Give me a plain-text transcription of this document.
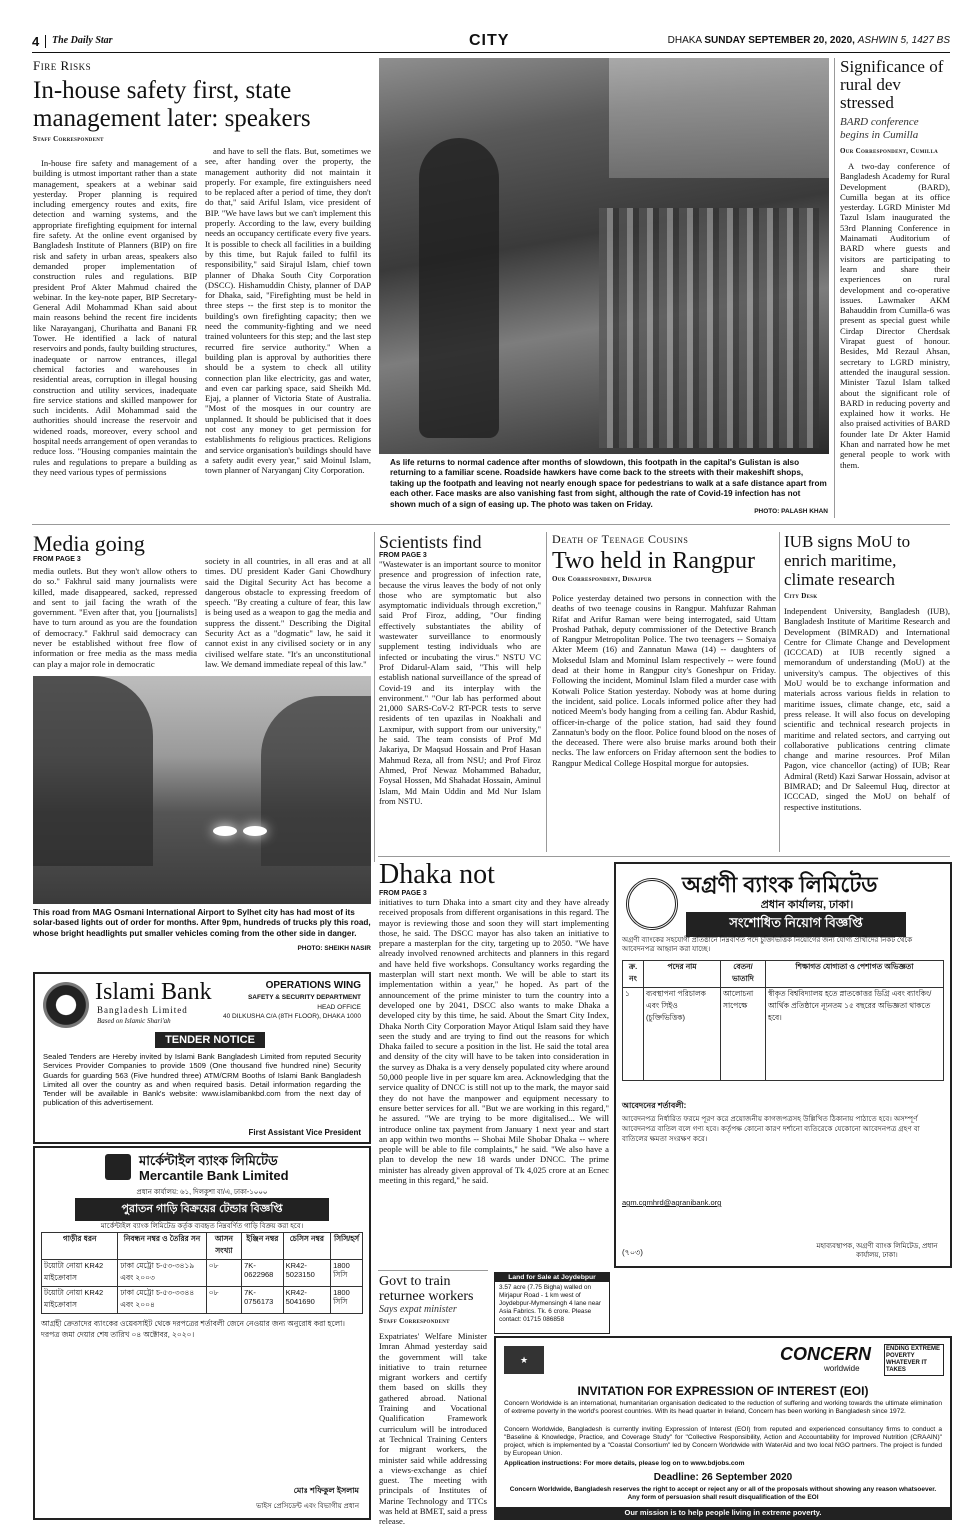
4 The Daily Star	CITY	DHAKA SUNDAY SEPTEMBER 20, 2020, ASHWIN 5, 1427 BS
Fire Risks
In-house safety first, state management later: speakers
Staff Correspondent
In-house fire safety and management of a building is utmost important rather than a state management, speakers at a webinar said yesterday. Proper planning is required including emergency routes and exits, fire detection and warning systems, and the appropriate firefighting equipment for internal fire safety. At the online event organised by Bangladesh Institute of Planners (BIP) on fire risk and safety in urban areas, speakers also demanded proper implementation of construction rules and regulations. BIP president Prof Akter Mahmud chaired the webinar. In the key-note paper, BIP Secretary-General Adil Mohammad Khan said about main reasons behind the recent fire incidents like Narayanganj, Churihatta and Banani FR Tower. He identified a lack of natural reservoirs and ponds, faulty building structures, inadequate or narrow entrances, illegal chemical factories and warehouses in residential areas, corruption in illegal housing construction and utility services, inadequate fire service stations and skilled manpower for such incidents. Adil Mohammad said the authorities should increase the reservoir and widened roads, moreover, every school and hospital needs arrangement of open verandas to reduce loss. "Housing companies maintain the rules and regulations to prepare a building as they need various types of permissions
and have to sell the flats. But, sometimes we see, after handing over the property, the management authority did not maintain it properly. For example, fire extinguishers need to be replaced after a period of time, they don't do that," said Ariful Islam, vice president of BIP. "We have laws but we can't implement this properly. According to the law, every building needs an occupancy certificate every five years. It is possible to check all facilities in a building by this time, but Rajuk failed to fulfil its responsibility," said Sirajul Islam, chief town planner of Dhaka South City Corporation (DSCC). Hishamuddin Chisty, planner of DAP for Dhaka, said, "Firefighting must be held in three steps -- the first step is to monitor the building's own firefighting capacity; then we need the community-fighting and we need trained volunteers for this step; and the last step recurred fire service authority." When a building plan is approval by authorities there should be a system to check all utility connection plan like electricity, gas and water, and even car parking space, said Sheikh Md. Ejaj, a planner of Victoria State of Australia. "Most of the mosques in our country are unplanned. It should be publicised that it does not cost any money to get permission for establishments fo religious practices. Religions and service organisation's buildings should have a safety audit every year," said Moinul Islam, town planner of Naryanganj City Corporation.
As life returns to normal cadence after months of slowdown, this footpath in the capital's Gulistan is also returning to a familiar scene. Roadside hawkers have come back to the streets with their makeshift shops, taking up the footpath and leaving not nearly enough space for pedestrians to walk at a safe distance apart from each other. Face masks are also vanishing fast from sight, although the rate of Covid-19 infection has not shown much of a sign of easing up. The photo was taken on Friday.
PHOTO: PALASH KHAN
Significance of rural dev stressed
BARD conference begins in Cumilla
Our Correspondent, Cumilla
A two-day conference of Bangladesh Academy for Rural Development (BARD), Cumilla began at its office yesterday. LGRD Minister Md Tazul Islam inaugurated the 53rd Planning Conference in Mainamati Auditorium of BARD where guests and visitors are participating to learn and share their experiences on rural development and co-operative issues. Lawmaker AKM Bahauddin from Cumilla-6 was present as special guest while Cirdap Director Cherdsak Virapat guest of honour. Besides, Md Rezaul Ahsan, secretary to LGRD ministry, attended the inaugural session. Minister Tazul Islam talked about the significant role of BARD in reducing poverty and explained how it works. He also praised activities of BARD founder late Dr Akter Hamid Khan and narrated how he met general people to work with them.
Media going
FROM PAGE 3
media outlets. But they won't allow others to do so." Fakhrul said many journalists were killed, made disappeared, sacked, repressed and sent to jail facing the wrath of the government. "Even after that, you [journalists] have to turn around as you are the foundation of democracy." Fakhrul said democracy can never be established without free flow of information or free media as the mass media can play a major role in democratic
society in all countries, in all eras and at all times. DU president Kader Gani Chowdhury said the Digital Security Act has become a dangerous obstacle to expressing freedom of speech. "By creating a culture of fear, this law is being used as a weapon to gag the media and suppress the dissent." Describing the Digital Security Act as a "dogmatic" law, he said it cannot exist in any civilised society or in any civilised welfare state. "It's an unconstitutional law. We demand immediate repeal of this law."
This road from MAG Osmani International Airport to Sylhet city has had most of its solar-based lights out of order for months. After 9pm, hundreds of trucks ply this road, whose bright headlights put smaller vehicles coming from the other side in danger.
PHOTO: SHEIKH NASIR
Scientists find
FROM PAGE 3
"Wastewater is an important source to monitor presence and progression of infection rate, because the virus leaves the body of not only those who are symptomatic but also asymptomatic individuals through excretion," said Prof Firoz, adding, "Our finding effectively substantiates the ability of wastewater surveillance to enormously supplement testing individuals who are infected or incubating the virus." NSTU VC Prof Didarul-Alam said, "This will help establish national surveillance of the spread of Covid-19 and its interplay with the environment." "Our lab has performed about 21,000 SARS-CoV-2 RT-PCR tests to serve residents of ten upazilas in Noakhali and Laxmipur, with support from our university," he said. The team consists of Prof Md Jakariya, Dr Maqsud Hossain and Prof Hasan Mahmud Reza, all from NSU; and Prof Firoz Ahmed, Prof Newaz Mohammed Bahadur, Foysal Hossen, Md Shahadat Hossain, Aminul Islam, Md Main Uddin and Md Nur Islam from NSTU.
Death of Teenage Cousins
Two held in Rangpur
Our Correspondent, Dinajpur
Police yesterday detained two persons in connection with the deaths of two teenage cousins in Rangpur. Mahfuzar Rahman Rifat and Arifur Raman were being interrogated, said Uttam Proshad Pathak, deputy commissioner of the Detective Branch of Rangpur Metropolitan Police. The two teenagers -- Somaiya Akter Meem (16) and Zannatun Mawa (14) -- daughters of Moksedul Islam and Mominul Islam respectively -- were found dead at their home in Rangpur city's Goneshpur on Friday. Following the incident, Mominul Islam filed a murder case with Kotwali Police Station yesterday. Nobody was at home during the incident, said police. Locals informed police after they had noticed Meem's body hanging from a ceiling fan. Abdur Rashid, officer-in-charge of the police station, had said they found Zannatun's body on the floor. Police found blood on the noses of the deceased. There were also bruise marks around both their necks. The law enforcers on Friday afternoon sent the bodies to Rangpur Medical College Hospital morgue for autopsies.
IUB signs MoU to enrich maritime, climate research
City Desk
Independent University, Bangladesh (IUB), Bangladesh Institute of Maritime Research and Development (BIMRAD) and International Centre for Climate Change and Development (ICCCAD) at IUB recently signed a memorandum of understanding (MoU) at the university's campus. The objectives of this MoU would be to exchange information and materials across various fields in relation to maritime issues, climate change, etc, said a press release. It will also focus on developing scientific and technical research projects in maritime and related sectors, and carrying out collaborative publications centring climate change and marine resources. Prof Milan Pagon, vice chancellor (acting) of IUB; Rear Admiral (Retd) Kazi Sarwar Hossain, advisor at BIMRAD; and Dr Saleemul Huq, director at ICCCAD, singed the MoU on behalf of respective institutions.
Dhaka not
FROM PAGE 3
initiatives to turn Dhaka into a smart city and they have already received proposals from different organisations in this regard. The mayor is reviewing those and soon they will start implementing those, he said. The DSCC mayor has also taken an initiative to prepare a masterplan for the city, targeting up to 2050. "We have already involved renowned architects and planners in this regard and have held five workshops. Consultancy works regarding the masterplan will start next month. We will be able to start its implementation within a year," he hoped. As part of the announcement of the prime minister to turn the country into a developed one by 2041, DSCC also wants to make Dhaka a developed city by this time, he said. About the Smart City Index, Dhaka North City Corporation Mayor Atiqul Islam said they have seen the study and are trying to find out the reasons for which Dhaka failed to secure a position in the list. He said the total area and density of the city will have to be taken into consideration in the survey as Dhaka is a very densely populated city where around 50,000 people live in per square km area. Acknowledging that the service quality of DNCC is still not up to the mark, the mayor said they do not have the manpower and equipment necessary to ensure better services for all. "But we are working in this regard," he assured. "We are trying to be more digitalised... We will introduce online tax payment from January 1 next year and start an app within two months -- Shobai Mile Shobar Dhaka -- where people will be able to file complaints," he said. "We also have a plan to develop the new 18 wards under DNCC. The prime minister has already given approval of Tk 4,025 crore at an Ecnec meeting in this regard," he said.
Islami Bank
Bangladesh Limited
Based on Islamic Shari'ah
OPERATIONS WING
SAFETY & SECURITY DEPARTMENT
HEAD OFFICE
40 DILKUSHA C/A (8TH FLOOR), DHAKA 1000
TENDER NOTICE
Sealed Tenders are Hereby invited by Islami Bank Bangladesh Limited from reputed Security Services Provider Companies to provide 1509 (One thousand five hundred nine) Security Guards for guarding 563 (Five hundred three) ATM/CRM Booths of Islami Bank Bangladesh Limited all over the country as and when required basis. Detail information regarding the Tender will be available in Bank's website: www.islamibankbd.com from the next day of publication of this advertisement.
First Assistant Vice President
মার্কেন্টাইল ব্যাংক লিমিটেড
Mercantile Bank Limited
প্রধান কার্যালয়: ৬১, দিলকুশা বা/এ, ঢাকা-১০০০
পুরাতন গাড়ি বিক্রয়ের টেন্ডার বিজ্ঞপ্তি
মার্কেন্টাইল ব্যাংক লিমিটেড কর্তৃক ব্যবহৃত নিম্নবর্ণিত গাড়ি বিক্রয় করা হবে।
গাড়ীর ধরন	নিবন্ধন নম্বর ও তৈরির সন	আসন সংখ্যা	ইঞ্জিন নম্বর	চেসিস নম্বর	সিসি/হর্স
টয়োটা নোয়া KR42 মাইক্রোবাস	ঢাকা মেট্রো চ-৫৩-৩৪১৯ এবং ২০০৩	০৮	7K-0622968	KR42-5023150	1800 সিসি
টয়োটা নোয়া KR42 মাইক্রোবাস	ঢাকা মেট্রো চ-৫৩-৩৩৪৪ এবং ২০০৪	০৮	7K-0756173	KR42-5041690	1800 সিসি
আগ্রহী ক্রেতাদের ব্যাংকের ওয়েবসাইট থেকে দরপত্রের শর্তাবলী জেনে নেওয়ার জন্য অনুরোধ করা হলো। দরপত্র জমা দেয়ার শেষ তারিখ ০৪ অক্টোবর, ২০২০।
মোঃ শফিকুল ইসলাম
ভাইস প্রেসিডেন্ট এবং বিভাগীয় প্রধান
অগ্রণী ব্যাংক লিমিটেড
প্রধান কার্যালয়, ঢাকা।
সংশোধিত নিয়োগ বিজ্ঞপ্তি
অগ্রণী ব্যাংকের সহযোগী প্রতিষ্ঠানে নিম্নবর্ণিত পদে চুক্তিভিত্তিক নিয়োগের জন্য যোগ্য প্রার্থীদের নিকট থেকে আবেদনপত্র আহ্বান করা যাচ্ছে।
ক্র. নং	পদের নাম	বেতন/ভাতাদি	শিক্ষাগত যোগ্যতা ও পেশাগত অভিজ্ঞতা
১	ব্যবস্থাপনা পরিচালক এবং সিইও (চুক্তিভিত্তিক)	আলোচনা সাপেক্ষে	স্বীকৃত বিশ্ববিদ্যালয় হতে স্নাতকোত্তর ডিগ্রি এবং ব্যাংকিং/আর্থিক প্রতিষ্ঠানে ন্যূনতম ১৫ বছরের অভিজ্ঞতা থাকতে হবে।
আবেদনের শর্তাবলী:
আবেদনপত্র নির্ধারিত ফরমে পূরণ করে প্রয়োজনীয় কাগজপত্রসহ উল্লিখিত ঠিকানায় পাঠাতে হবে। অসম্পূর্ণ আবেদনপত্র বাতিল বলে গণ্য হবে। কর্তৃপক্ষ কোনো কারণ দর্শানো ব্যতিরেকে যেকোনো আবেদনপত্র গ্রহণ বা বাতিলের ক্ষমতা সংরক্ষণ করে।
agm.cgmhrd@agranibank.org
(৭০৩)
মহাব্যবস্থাপক, অগ্রণী ব্যাংক লিমিটেড, প্রধান কার্যালয়, ঢাকা।
Govt to train returnee workers
Says expat minister
Staff Correspondent
Expatriates' Welfare Minister Imran Ahmad yesterday said the government will take initiative to train returnee migrant workers and certify them based on skills they gathered abroad. National Training and Vocational Qualification Framework curriculum will be introduced at Technical Training Centers for migrant workers, the minister said while addressing a views-exchange as chief guest. The meeting with principals of Institutes of Marine Technology and TTCs was held at BMET, said a press release.
Land for Sale at Joydebpur
3.57 acre (7.75 Bigha) walled on Mirjapur Road - 1 km west of Joydebpur-Mymensingh 4 lane near Asia Fabrics. Tk. 6 crore. Please contact: 01715 086858
★	CONCERN
worldwide
ENDING EXTREME POVERTY WHATEVER IT TAKES
INVITATION FOR EXPRESSION OF INTEREST (EOI)
Concern Worldwide is an international, humanitarian organisation dedicated to the reduction of suffering and working towards the ultimate elimination of extreme poverty in the world's poorest countries. With its head quarter in Ireland, Concern has been working in Bangladesh since 1972.
Concern Worldwide, Bangladesh is currently inviting Expression of Interest (EOI) from reputed and experienced consultancy firms to conduct a "Baseline & Knowledge, Practice, and Coverage Study" for "Collective Responsibility, Action and Accountability for Improved Nutrition (CRAAIN)" project, which is implemented by a "Coastal Consortium" led by Concern Worldwide with WaterAid and two local NGO partners. The project is funded by European Union.
Application instructions: For more details, please log on to www.bdjobs.com
Deadline: 26 September 2020
Concern Worldwide, Bangladesh reserves the right to accept or reject any or all of the proposals without showing any reason whatsoever. Any form of persuasion shall result disqualification of the EOI
Our mission is to help people living in extreme poverty.
